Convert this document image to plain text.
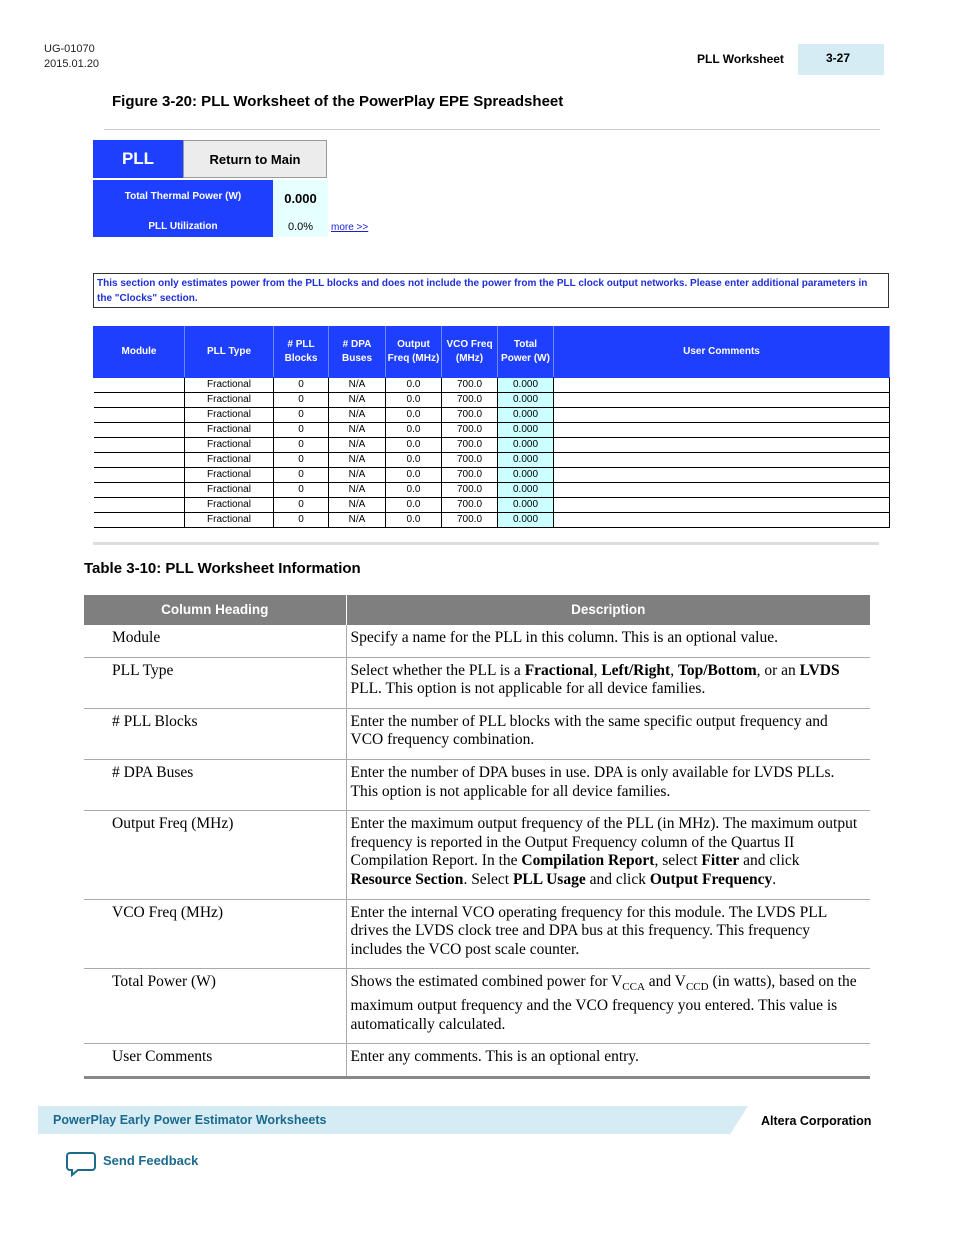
UG-01070
2015.01.20	PLL Worksheet	3-27
Figure 3-20: PLL Worksheet of the PowerPlay EPE Spreadsheet
PLL	Return to Main
Total Thermal Power (W)	0.000
PLL Utilization	0.0%	more >>
This section only estimates power from the PLL blocks and does not include the power from the PLL clock output networks. Please enter additional parameters in the "Clocks" section.
Module	PLL Type	# PLL Blocks	# DPA Buses	Output Freq (MHz)	VCO Freq (MHz)	Total Power (W)	User Comments
	Fractional	0	N/A	0.0	700.0	0.000	
	Fractional	0	N/A	0.0	700.0	0.000	
	Fractional	0	N/A	0.0	700.0	0.000	
	Fractional	0	N/A	0.0	700.0	0.000	
	Fractional	0	N/A	0.0	700.0	0.000	
	Fractional	0	N/A	0.0	700.0	0.000	
	Fractional	0	N/A	0.0	700.0	0.000	
	Fractional	0	N/A	0.0	700.0	0.000	
	Fractional	0	N/A	0.0	700.0	0.000	
	Fractional	0	N/A	0.0	700.0	0.000	
Table 3-10: PLL Worksheet Information
Column Heading	Description
Module	Specify a name for the PLL in this column. This is an optional value.
PLL Type	Select whether the PLL is a Fractional, Left/Right, Top/Bottom, or an LVDS PLL. This option is not applicable for all device families.
# PLL Blocks	Enter the number of PLL blocks with the same specific output frequency and VCO frequency combination.
# DPA Buses	Enter the number of DPA buses in use. DPA is only available for LVDS PLLs. This option is not applicable for all device families.
Output Freq (MHz)	Enter the maximum output frequency of the PLL (in MHz). The maximum output frequency is reported in the Output Frequency column of the Quartus II Compilation Report. In the Compilation Report, select Fitter and click Resource Section. Select PLL Usage and click Output Frequency.
VCO Freq (MHz)	Enter the internal VCO operating frequency for this module. The LVDS PLL drives the LVDS clock tree and DPA bus at this frequency. This frequency includes the VCO post scale counter.
Total Power (W)	Shows the estimated combined power for $V_{CCA}$ and $V_{CCD}$ (in watts), based on the maximum output frequency and the VCO frequency you entered. This value is automatically calculated.
User Comments	Enter any comments. This is an optional entry.
PowerPlay Early Power Estimator Worksheets	Altera Corporation
Send Feedback
